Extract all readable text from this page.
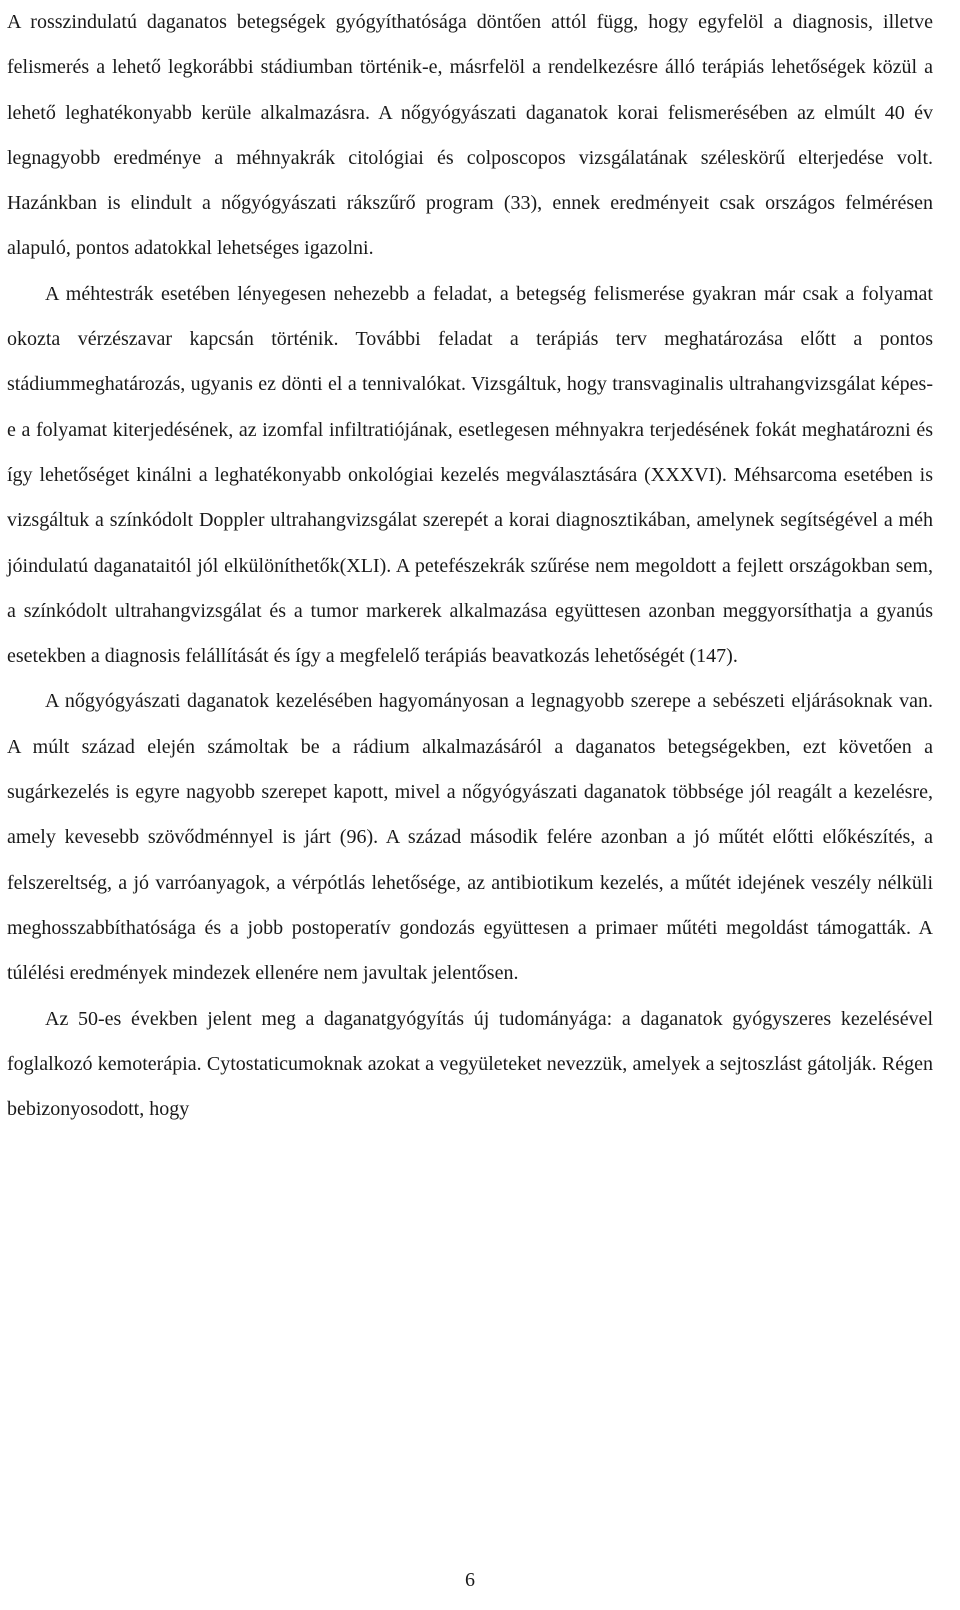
A rosszindulatú daganatos betegségek gyógyíthatósága döntően attól függ, hogy egyfelöl a diagnosis, illetve felismerés a lehető legkorábbi stádiumban történik-e, másrfelöl a rendelkezésre álló terápiás lehetőségek közül a lehető leghatékonyabb kerüle alkalmazásra. A nőgyógyászati daganatok korai felismerésében az elmúlt 40 év legnagyobb eredménye a méhnyakrák citológiai és colposcopos vizsgálatának széleskörű elterjedése volt. Hazánkban is elindult a nőgyógyászati rákszűrő program (33), ennek eredményeit csak országos felmérésen alapuló, pontos adatokkal lehetséges igazolni.

A méhtestrák esetében lényegesen nehezebb a feladat, a betegség felismerése gyakran már csak a folyamat okozta vérzészavar kapcsán történik. További feladat a terápiás terv meghatározása előtt a pontos stádiummeghatározás, ugyanis ez dönti el a tennivalókat. Vizsgáltuk, hogy transvaginalis ultrahangvizsgálat képes-e a folyamat kiterjedésének, az izomfal infiltratiójának, esetlegesen méhnyakra terjedésének fokát meghatározni és így lehetőséget kinálni a leghatékonyabb onkológiai kezelés megválasztására (XXXVI). Méhsarcoma esetében is vizsgáltuk a színkódolt Doppler ultrahangvizsgálat szerepét a korai diagnosztikában, amelynek segítségével a méh jóindulatú daganataitól jól elkülöníthetők(XLI). A petefészekrák szűrése nem megoldott a fejlett országokban sem, a színkódolt ultrahangvizsgálat és a tumor markerek alkalmazása együttesen azonban meggyorsíthatja a gyanús esetekben a diagnosis felállítását és így a megfelelő terápiás beavatkozás lehetőségét (147).

A nőgyógyászati daganatok kezelésében hagyományosan a legnagyobb szerepe a sebészeti eljárásoknak van. A múlt század elején számoltak be a rádium alkalmazásáról a daganatos betegségekben, ezt követően a sugárkezelés is egyre nagyobb szerepet kapott, mivel a nőgyógyászati daganatok többsége jól reagált a kezelésre, amely kevesebb szövődménnyel is járt (96). A század második felére azonban a jó műtét előtti előkészítés, a felszereltség, a jó varróanyagok, a vérpótlás lehetősége, az antibiotikum kezelés, a műtét idejének veszély nélküli meghosszabbíthatósága és a jobb postoperatív gondozás együttesen a primaer műtéti megoldást támogatták. A túlélési eredmények mindezek ellenére nem javultak jelentősen.

Az 50-es években jelent meg a daganatgyógyítás új tudományága: a daganatok gyógyszeres kezelésével foglalkozó kemoterápia. Cytostaticumoknak azokat a vegyületeket nevezzük, amelyek a sejtoszlást gátolják. Régen bebizonyosodott, hogy

6
